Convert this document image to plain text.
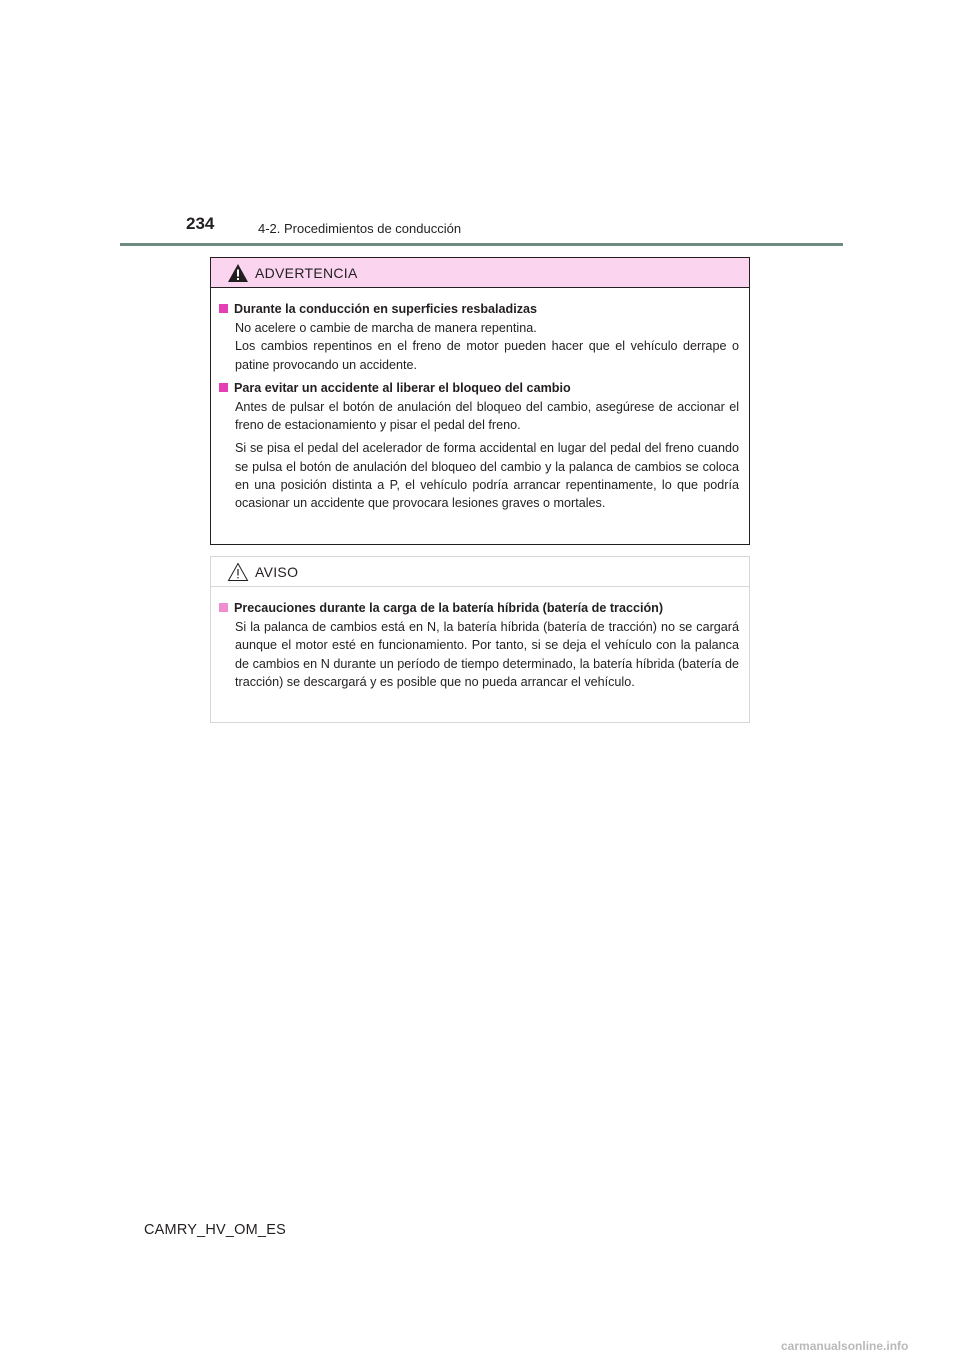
234	4-2. Procedimientos de conducción
ADVERTENCIA
Durante la conducción en superficies resbaladizas

No acelere o cambie de marcha de manera repentina.
Los cambios repentinos en el freno de motor pueden hacer que el vehículo derrape o patine provocando un accidente.

Para evitar un accidente al liberar el bloqueo del cambio

Antes de pulsar el botón de anulación del bloqueo del cambio, asegúrese de accionar el freno de estacionamiento y pisar el pedal del freno.

Si se pisa el pedal del acelerador de forma accidental en lugar del pedal del freno cuando se pulsa el botón de anulación del bloqueo del cambio y la palanca de cambios se coloca en una posición distinta a P, el vehículo podría arrancar repentinamente, lo que podría ocasionar un accidente que provocara lesiones graves o mortales.

AVISO
Precauciones durante la carga de la batería híbrida (batería de tracción)

Si la palanca de cambios está en N, la batería híbrida (batería de tracción) no se cargará aunque el motor esté en funcionamiento. Por tanto, si se deja el vehículo con la palanca de cambios en N durante un período de tiempo determinado, la batería híbrida (batería de tracción) se descargará y es posible que no pueda arrancar el vehículo.

CAMRY_HV_OM_ES
carmanualsonline.info
